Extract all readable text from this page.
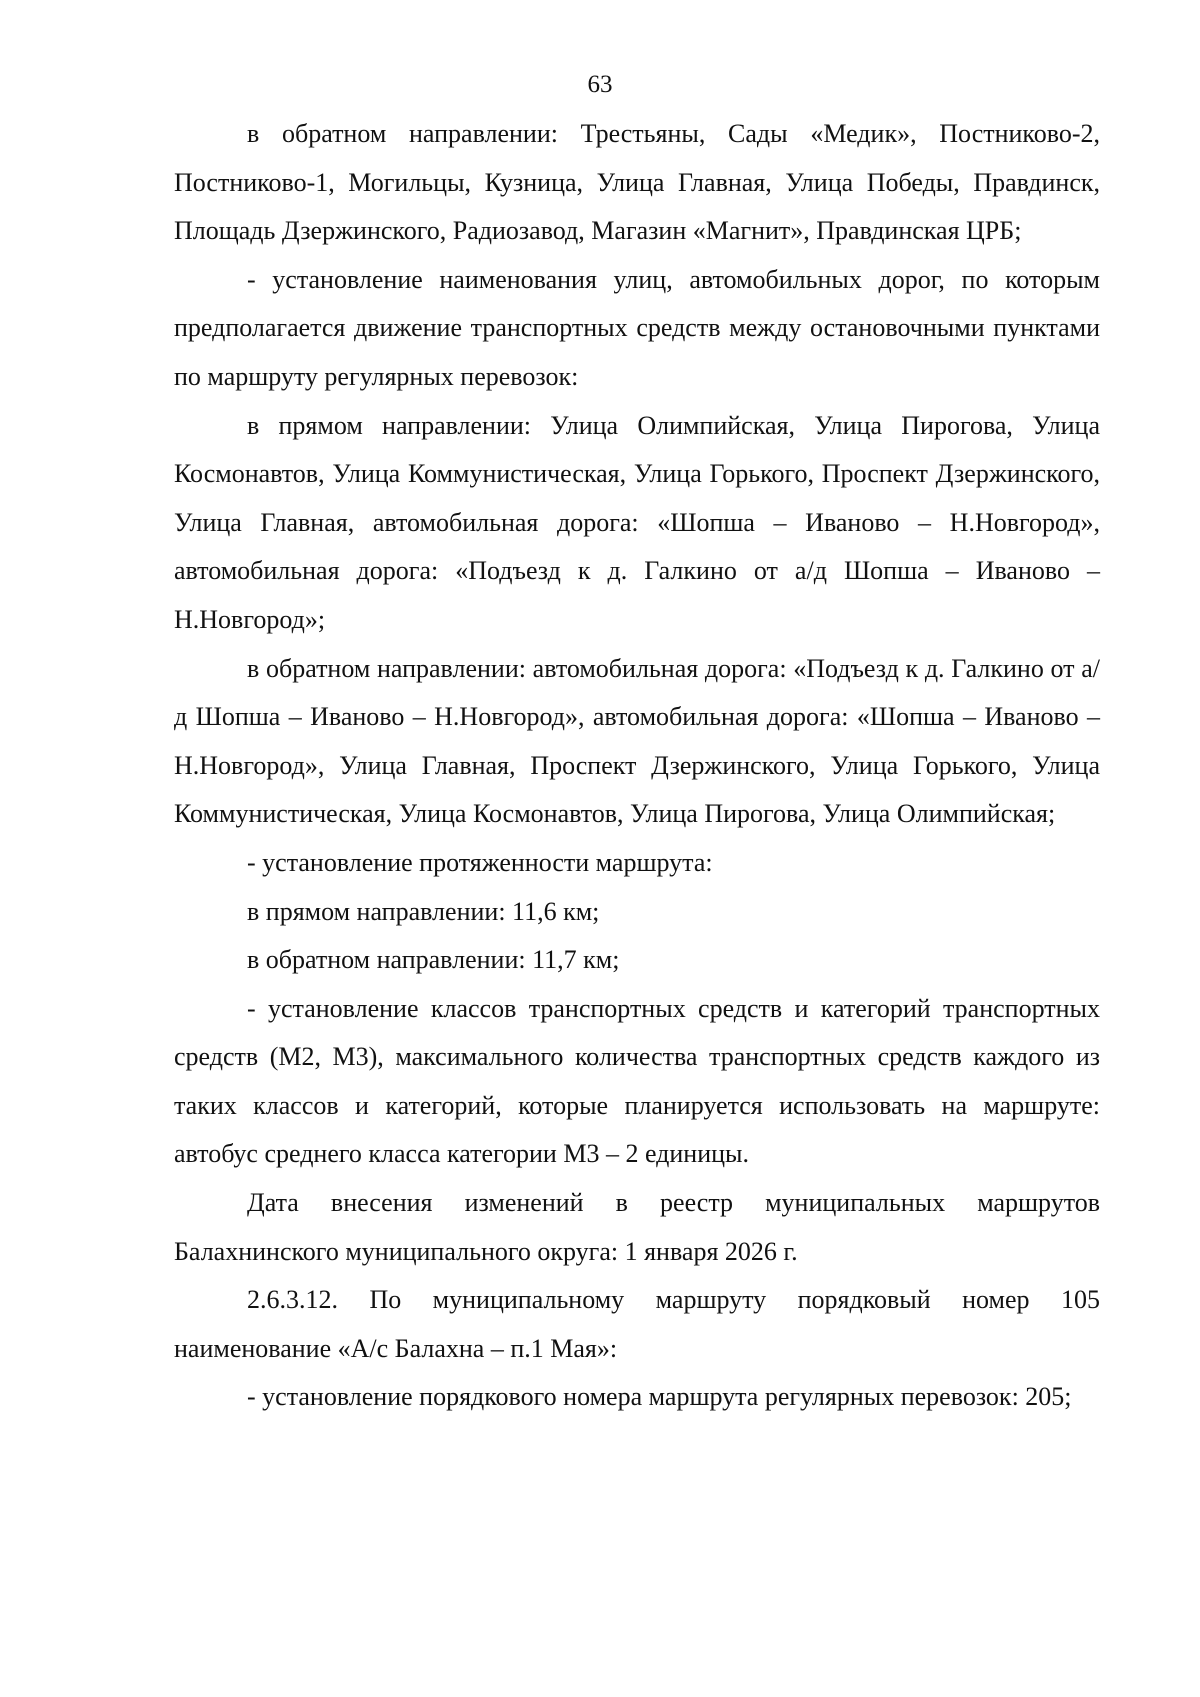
63

в обратном направлении: Трестьяны, Сады «Медик», Постниково-2, Постниково-1, Могильцы, Кузница, Улица Главная, Улица Победы, Правдинск, Площадь Дзержинского, Радиозавод, Магазин «Магнит», Правдинская ЦРБ;

- установление наименования улиц, автомобильных дорог, по которым предполагается движение транспортных средств между остановочными пунктами по маршруту регулярных перевозок:

в прямом направлении: Улица Олимпийская, Улица Пирогова, Улица Космонавтов, Улица Коммунистическая, Улица Горького, Проспект Дзержинского, Улица Главная, автомобильная дорога: «Шопша – Иваново – Н.Новгород», автомобильная дорога: «Подъезд к д. Галкино от а/д Шопша – Иваново – Н.Новгород»;

в обратном направлении: автомобильная дорога: «Подъезд к д. Галкино от а/д Шопша – Иваново – Н.Новгород», автомобильная дорога: «Шопша – Иваново – Н.Новгород», Улица Главная, Проспект Дзержинского, Улица Горького, Улица Коммунистическая, Улица Космонавтов, Улица Пирогова, Улица Олимпийская;

- установление протяженности маршрута:

в прямом направлении: 11,6 км;

в обратном направлении: 11,7 км;

- установление классов транспортных средств и категорий транспортных средств (М2, М3), максимального количества транспортных средств каждого из таких классов и категорий, которые планируется использовать на маршруте: автобус среднего класса категории М3 – 2 единицы.

Дата внесения изменений в реестр муниципальных маршрутов Балахнинского муниципального округа: 1 января 2026 г.

2.6.3.12. По муниципальному маршруту порядковый номер 105 наименование «А/с Балахна – п.1 Мая»:

- установление порядкового номера маршрута регулярных перевозок: 205;
